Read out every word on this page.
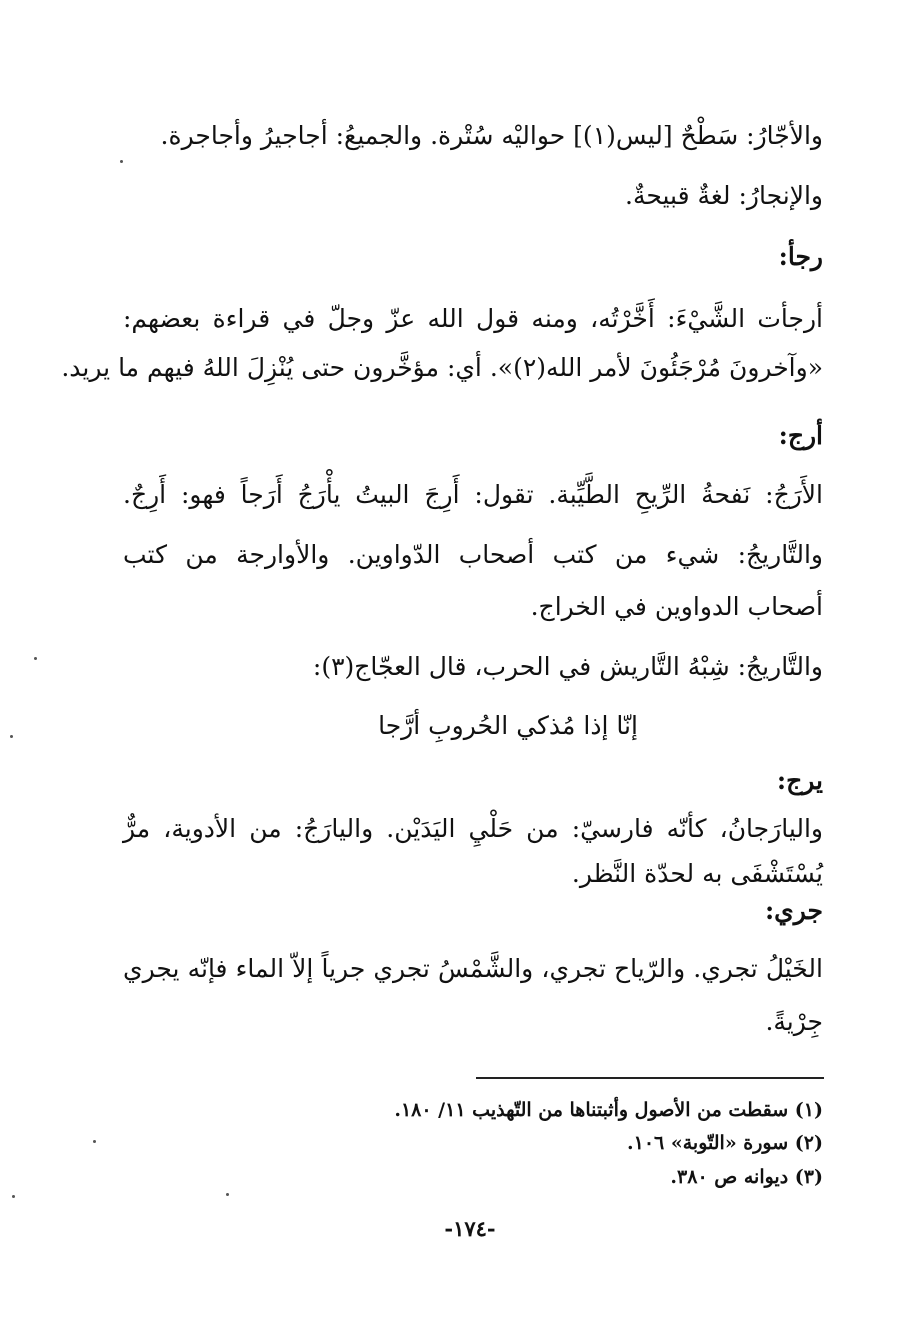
والأجّارُ: سَطْحٌ [ليس(١)] حواليْه سُتْرة. والجميعُ: أجاجيرُ وأجاجرة.
والإنجارُ: لغةٌ قبيحةٌ.
رجأ:
أرجأت الشَّيْءَ: أَخَّرْتُه، ومنه قول الله عزّ وجلّ في قراءة بعضهم:
«وآخرونَ مُرْجَئُونَ لأمر الله(٢)». أي: مؤخَّرون حتى يُنْزِلَ اللهُ فيهم ما يريد.
أرج:
الأَرَجُ: نَفحةُ الرِّيحِ الطَّيِّبة. تقول: أَرِجَ البيتُ يأْرَجُ أَرَجاً فهو: أَرِجٌ.
والتَّاريجُ: شيء من كتب أصحاب الدّواوين. والأوارجة من كتب
أصحاب الدواوين في الخراج.
والتَّاريجُ: شِبْهُ التَّاريش في الحرب، قال العجّاج(٣):
إنّا إذا مُذكي الحُروبِ أرَّجا
يرج:
واليارَجانُ، كأنّه فارسيّ: من حَلْيِ اليَدَيْن. واليارَجُ: من الأدوية، مرٌّ
يُسْتَشْفَى به لحدّة النَّظر.
جري:
الخَيْلُ تجري. والرّياح تجري، والشَّمْسُ تجري جرياً إلاّ الماء فإنّه يجري
جِرْيةً.
(١) سقطت من الأصول وأثبتناها من التّهذيب ١١/ ١٨٠.
(٢) سورة «التّوبة» ١٠٦.
(٣) ديوانه ص ٣٨٠.
-١٧٤-
